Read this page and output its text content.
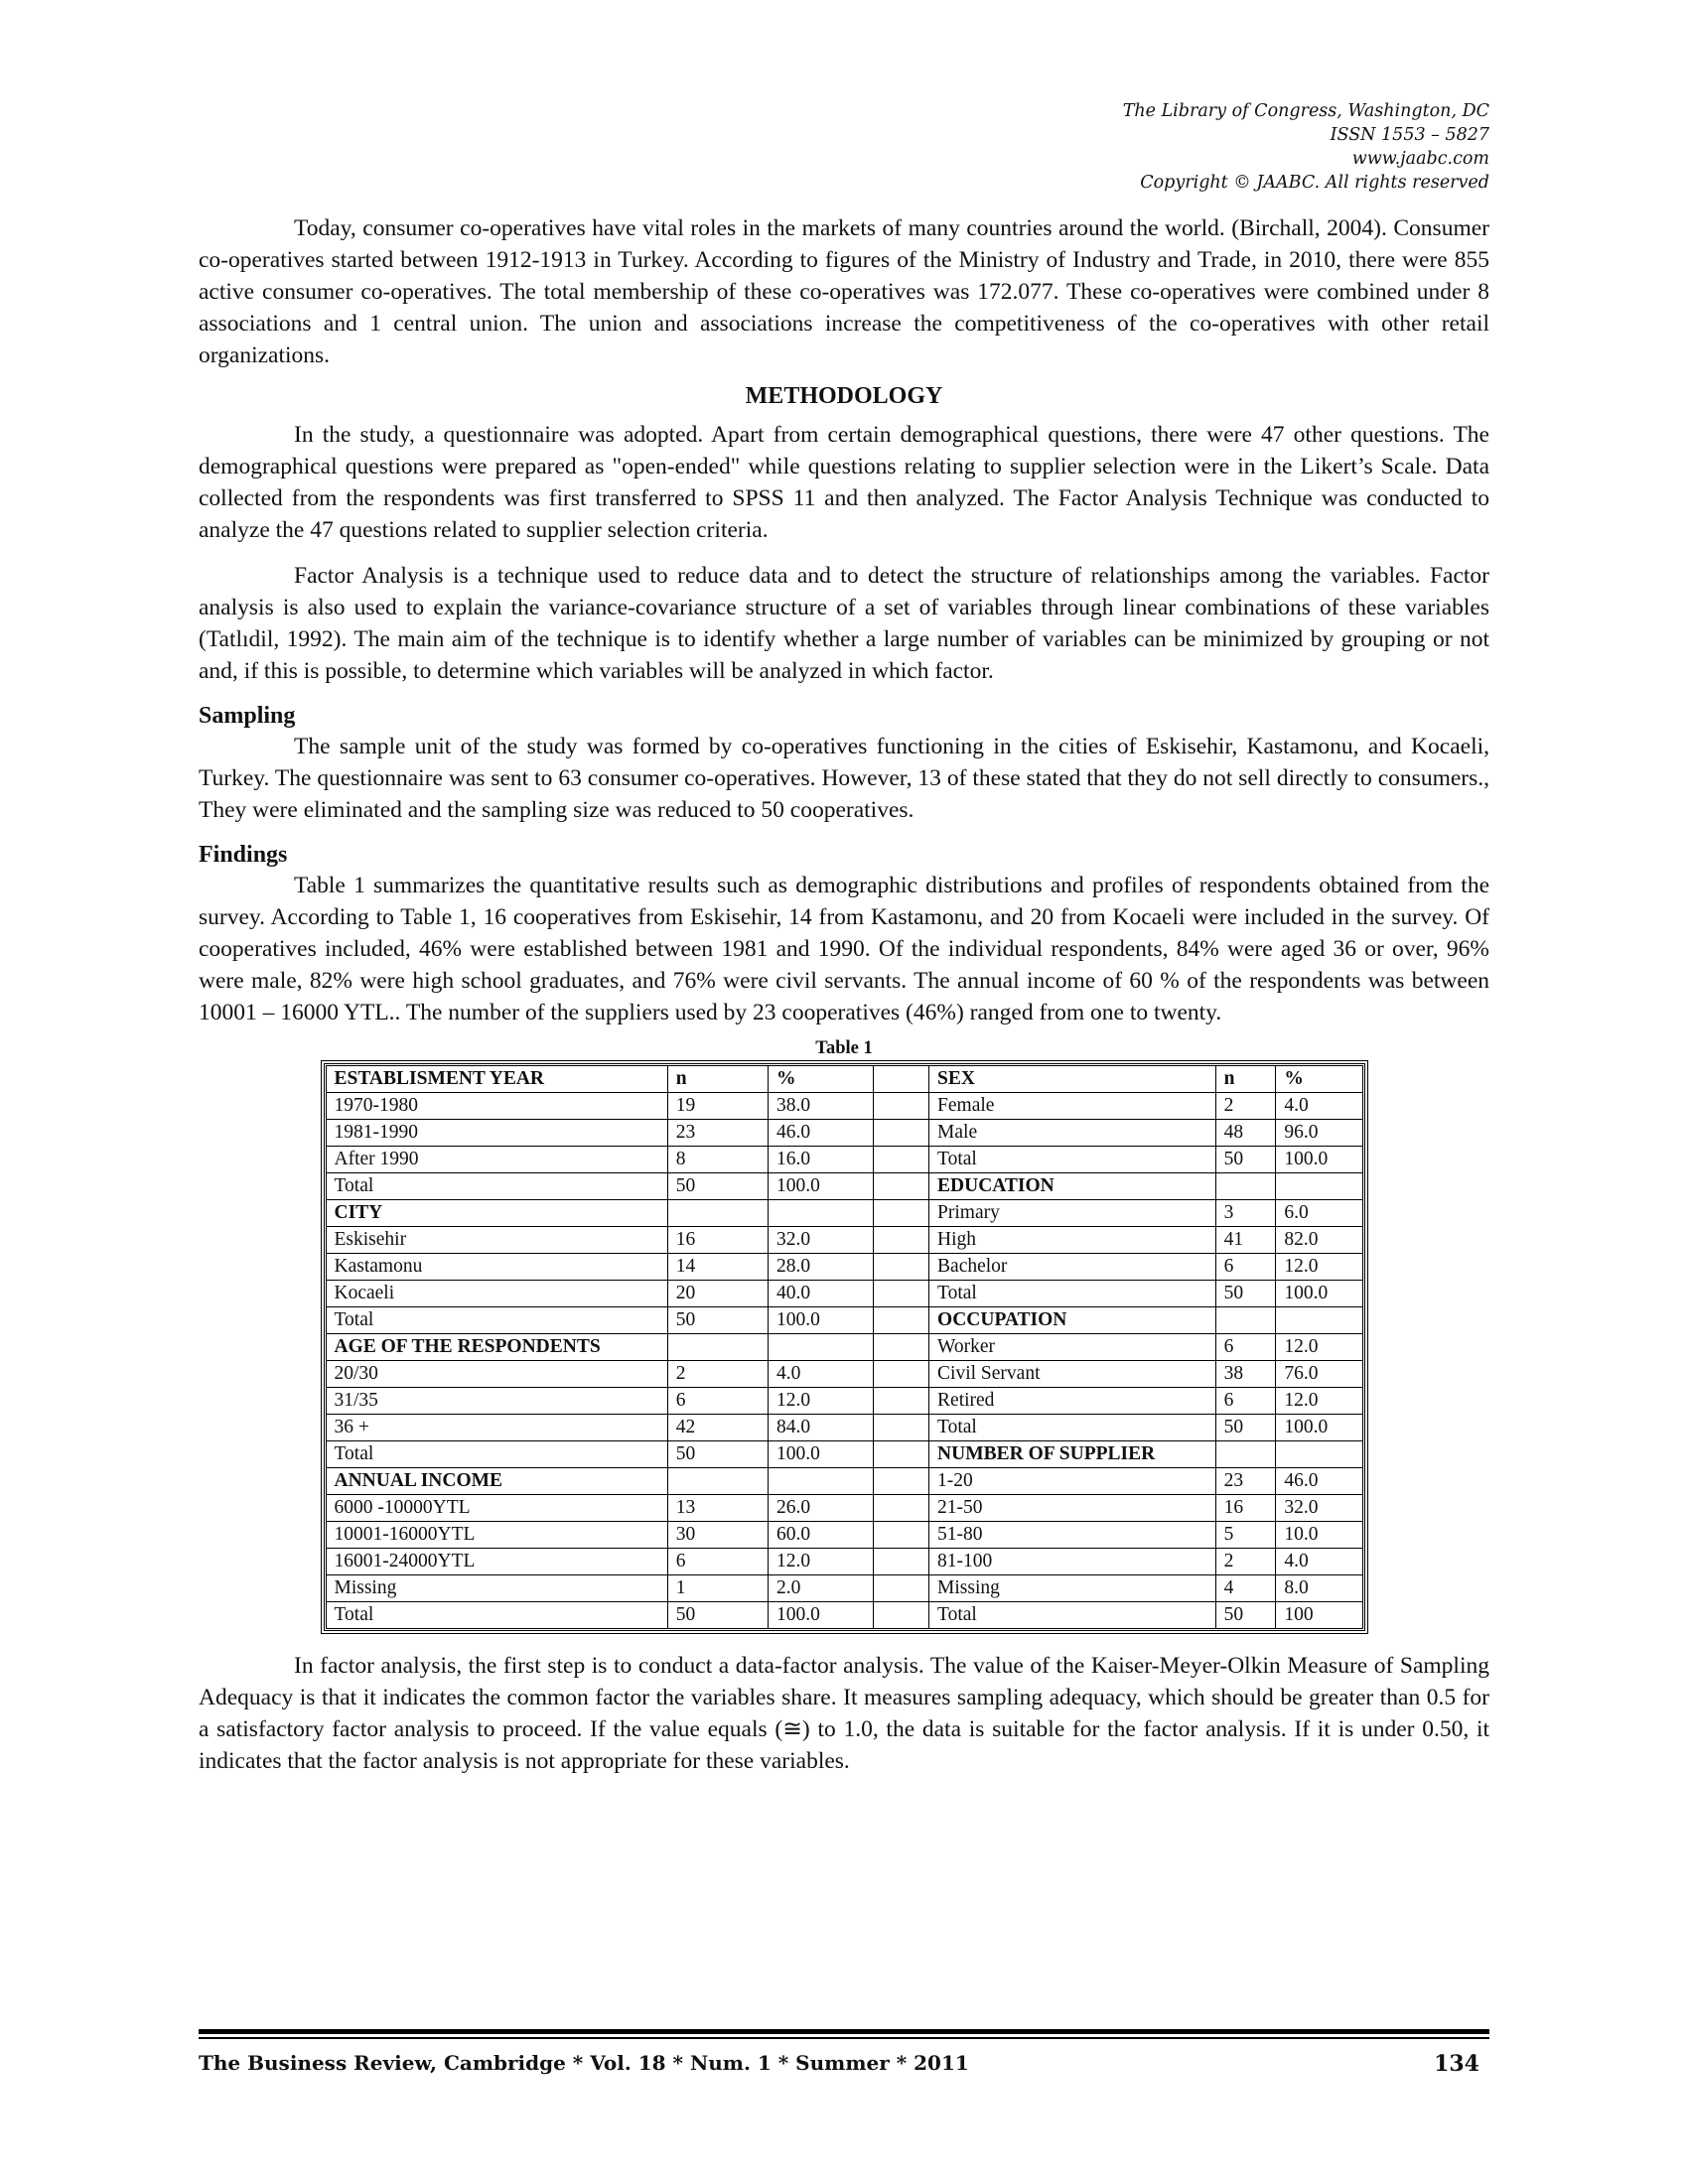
The Library of Congress, Washington, DC
ISSN 1553 – 5827
www.jaabc.com
Copyright © JAABC. All rights reserved

Today, consumer co-operatives have vital roles in the markets of many countries around the world. (Birchall, 2004). Consumer co-operatives started between 1912-1913 in Turkey. According to figures of the Ministry of Industry and Trade, in 2010, there were 855 active consumer co-operatives. The total membership of these co-operatives was 172.077. These co-operatives were combined under 8 associations and 1 central union. The union and associations increase the competitiveness of the co-operatives with other retail organizations.

METHODOLOGY

In the study, a questionnaire was adopted. Apart from certain demographical questions, there were 47 other questions. The demographical questions were prepared as "open-ended" while questions relating to supplier selection were in the Likert’s Scale. Data collected from the respondents was first transferred to SPSS 11 and then analyzed. The Factor Analysis Technique was conducted to analyze the 47 questions related to supplier selection criteria.

Factor Analysis is a technique used to reduce data and to detect the structure of relationships among the variables. Factor analysis is also used to explain the variance-covariance structure of a set of variables through linear combinations of these variables (Tatlıdil, 1992). The main aim of the technique is to identify whether a large number of variables can be minimized by grouping or not and, if this is possible, to determine which variables will be analyzed in which factor.

Sampling

The sample unit of the study was formed by co-operatives functioning in the cities of Eskisehir, Kastamonu, and Kocaeli, Turkey. The questionnaire was sent to 63 consumer co-operatives. However, 13 of these stated that they do not sell directly to consumers., They were eliminated and the sampling size was reduced to 50 cooperatives.

Findings

Table 1 summarizes the quantitative results such as demographic distributions and profiles of respondents obtained from the survey. According to Table 1, 16 cooperatives from Eskisehir, 14 from Kastamonu, and 20 from Kocaeli were included in the survey. Of cooperatives included, 46% were established between 1981 and 1990. Of the individual respondents, 84% were aged 36 or over, 96% were male, 82% were high school graduates, and 76% were civil servants. The annual income of 60 % of the respondents was between 10001 – 16000 YTL.. The number of the suppliers used by 23 cooperatives (46%) ranged from one to twenty.

Table 1
ESTABLISMENT YEAR	n	%		SEX	n	%
1970-1980	19	38.0		Female	2	4.0
1981-1990	23	46.0		Male	48	96.0
After 1990	8	16.0		Total	50	100.0
Total	50	100.0		EDUCATION		
CITY				Primary	3	6.0
Eskisehir	16	32.0		High	41	82.0
Kastamonu	14	28.0		Bachelor	6	12.0
Kocaeli	20	40.0		Total	50	100.0
Total	50	100.0		OCCUPATION		
AGE OF THE RESPONDENTS				Worker	6	12.0
20/30	2	4.0		Civil Servant	38	76.0
31/35	6	12.0		Retired	6	12.0
36 +	42	84.0		Total	50	100.0
Total	50	100.0		NUMBER OF SUPPLIER		
ANNUAL INCOME				1-20	23	46.0
6000 -10000YTL	13	26.0		21-50	16	32.0
10001-16000YTL	30	60.0		51-80	5	10.0
16001-24000YTL	6	12.0		81-100	2	4.0
Missing	1	2.0		Missing	4	8.0
Total	50	100.0		Total	50	100

In factor analysis, the first step is to conduct a data-factor analysis. The value of the Kaiser-Meyer-Olkin Measure of Sampling Adequacy is that it indicates the common factor the variables share. It measures sampling adequacy, which should be greater than 0.5 for a satisfactory factor analysis to proceed. If the value equals (≅) to 1.0, the data is suitable for the factor analysis. If it is under 0.50, it indicates that the factor analysis is not appropriate for these variables.

The Business Review, Cambridge * Vol. 18 * Num. 1 * Summer * 2011	134
